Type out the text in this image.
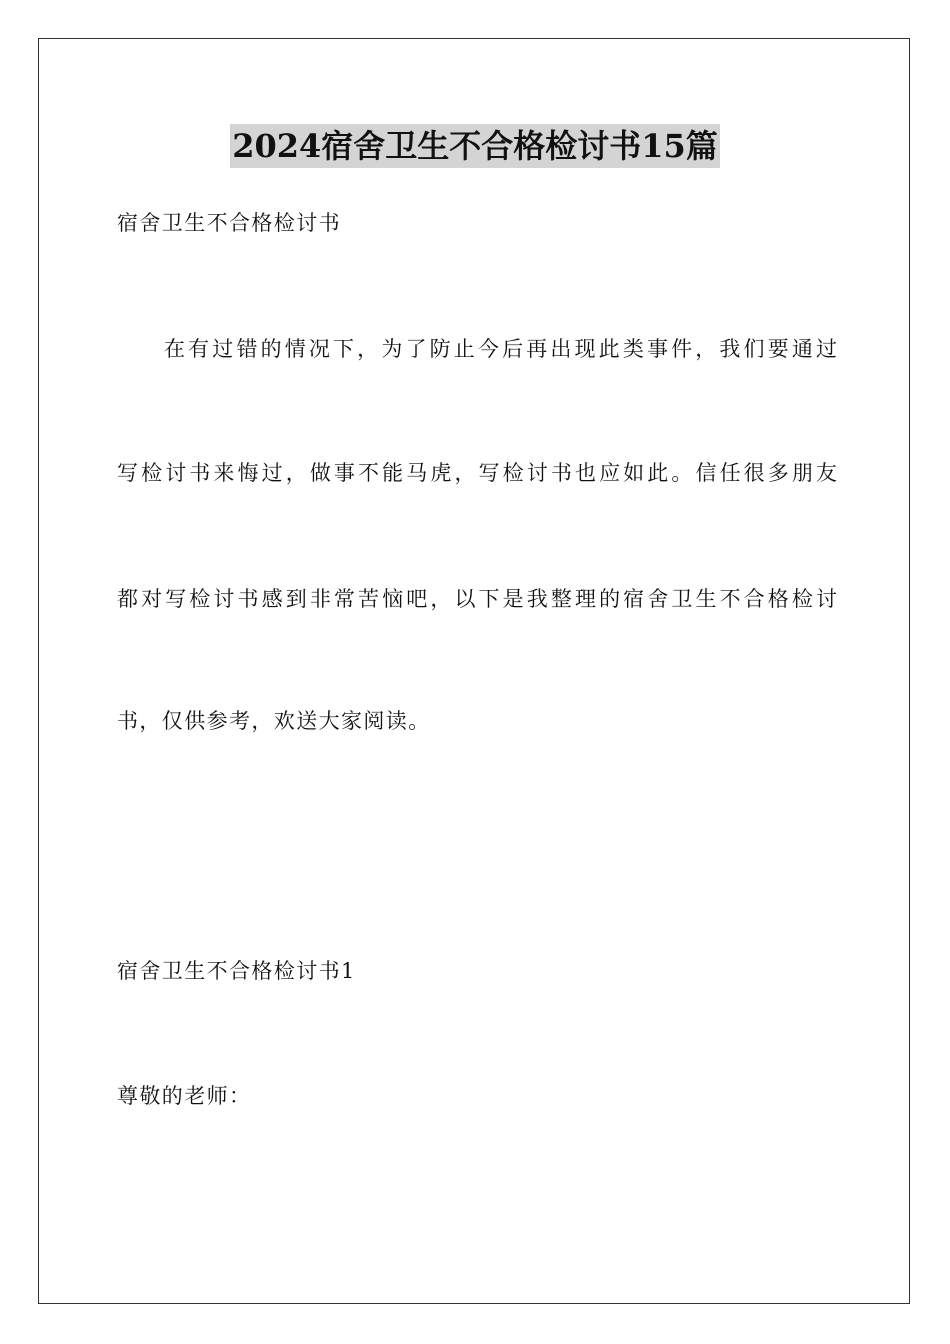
2024宿舍卫生不合格检讨书15篇
宿舍卫生不合格检讨书
在有过错的情况下，为了防止今后再出现此类事件，我们要通过
写检讨书来悔过，做事不能马虎，写检讨书也应如此。信任很多朋友
都对写检讨书感到非常苦恼吧，以下是我整理的宿舍卫生不合格检讨
书，仅供参考，欢送大家阅读。
宿舍卫生不合格检讨书1
尊敬的老师：
